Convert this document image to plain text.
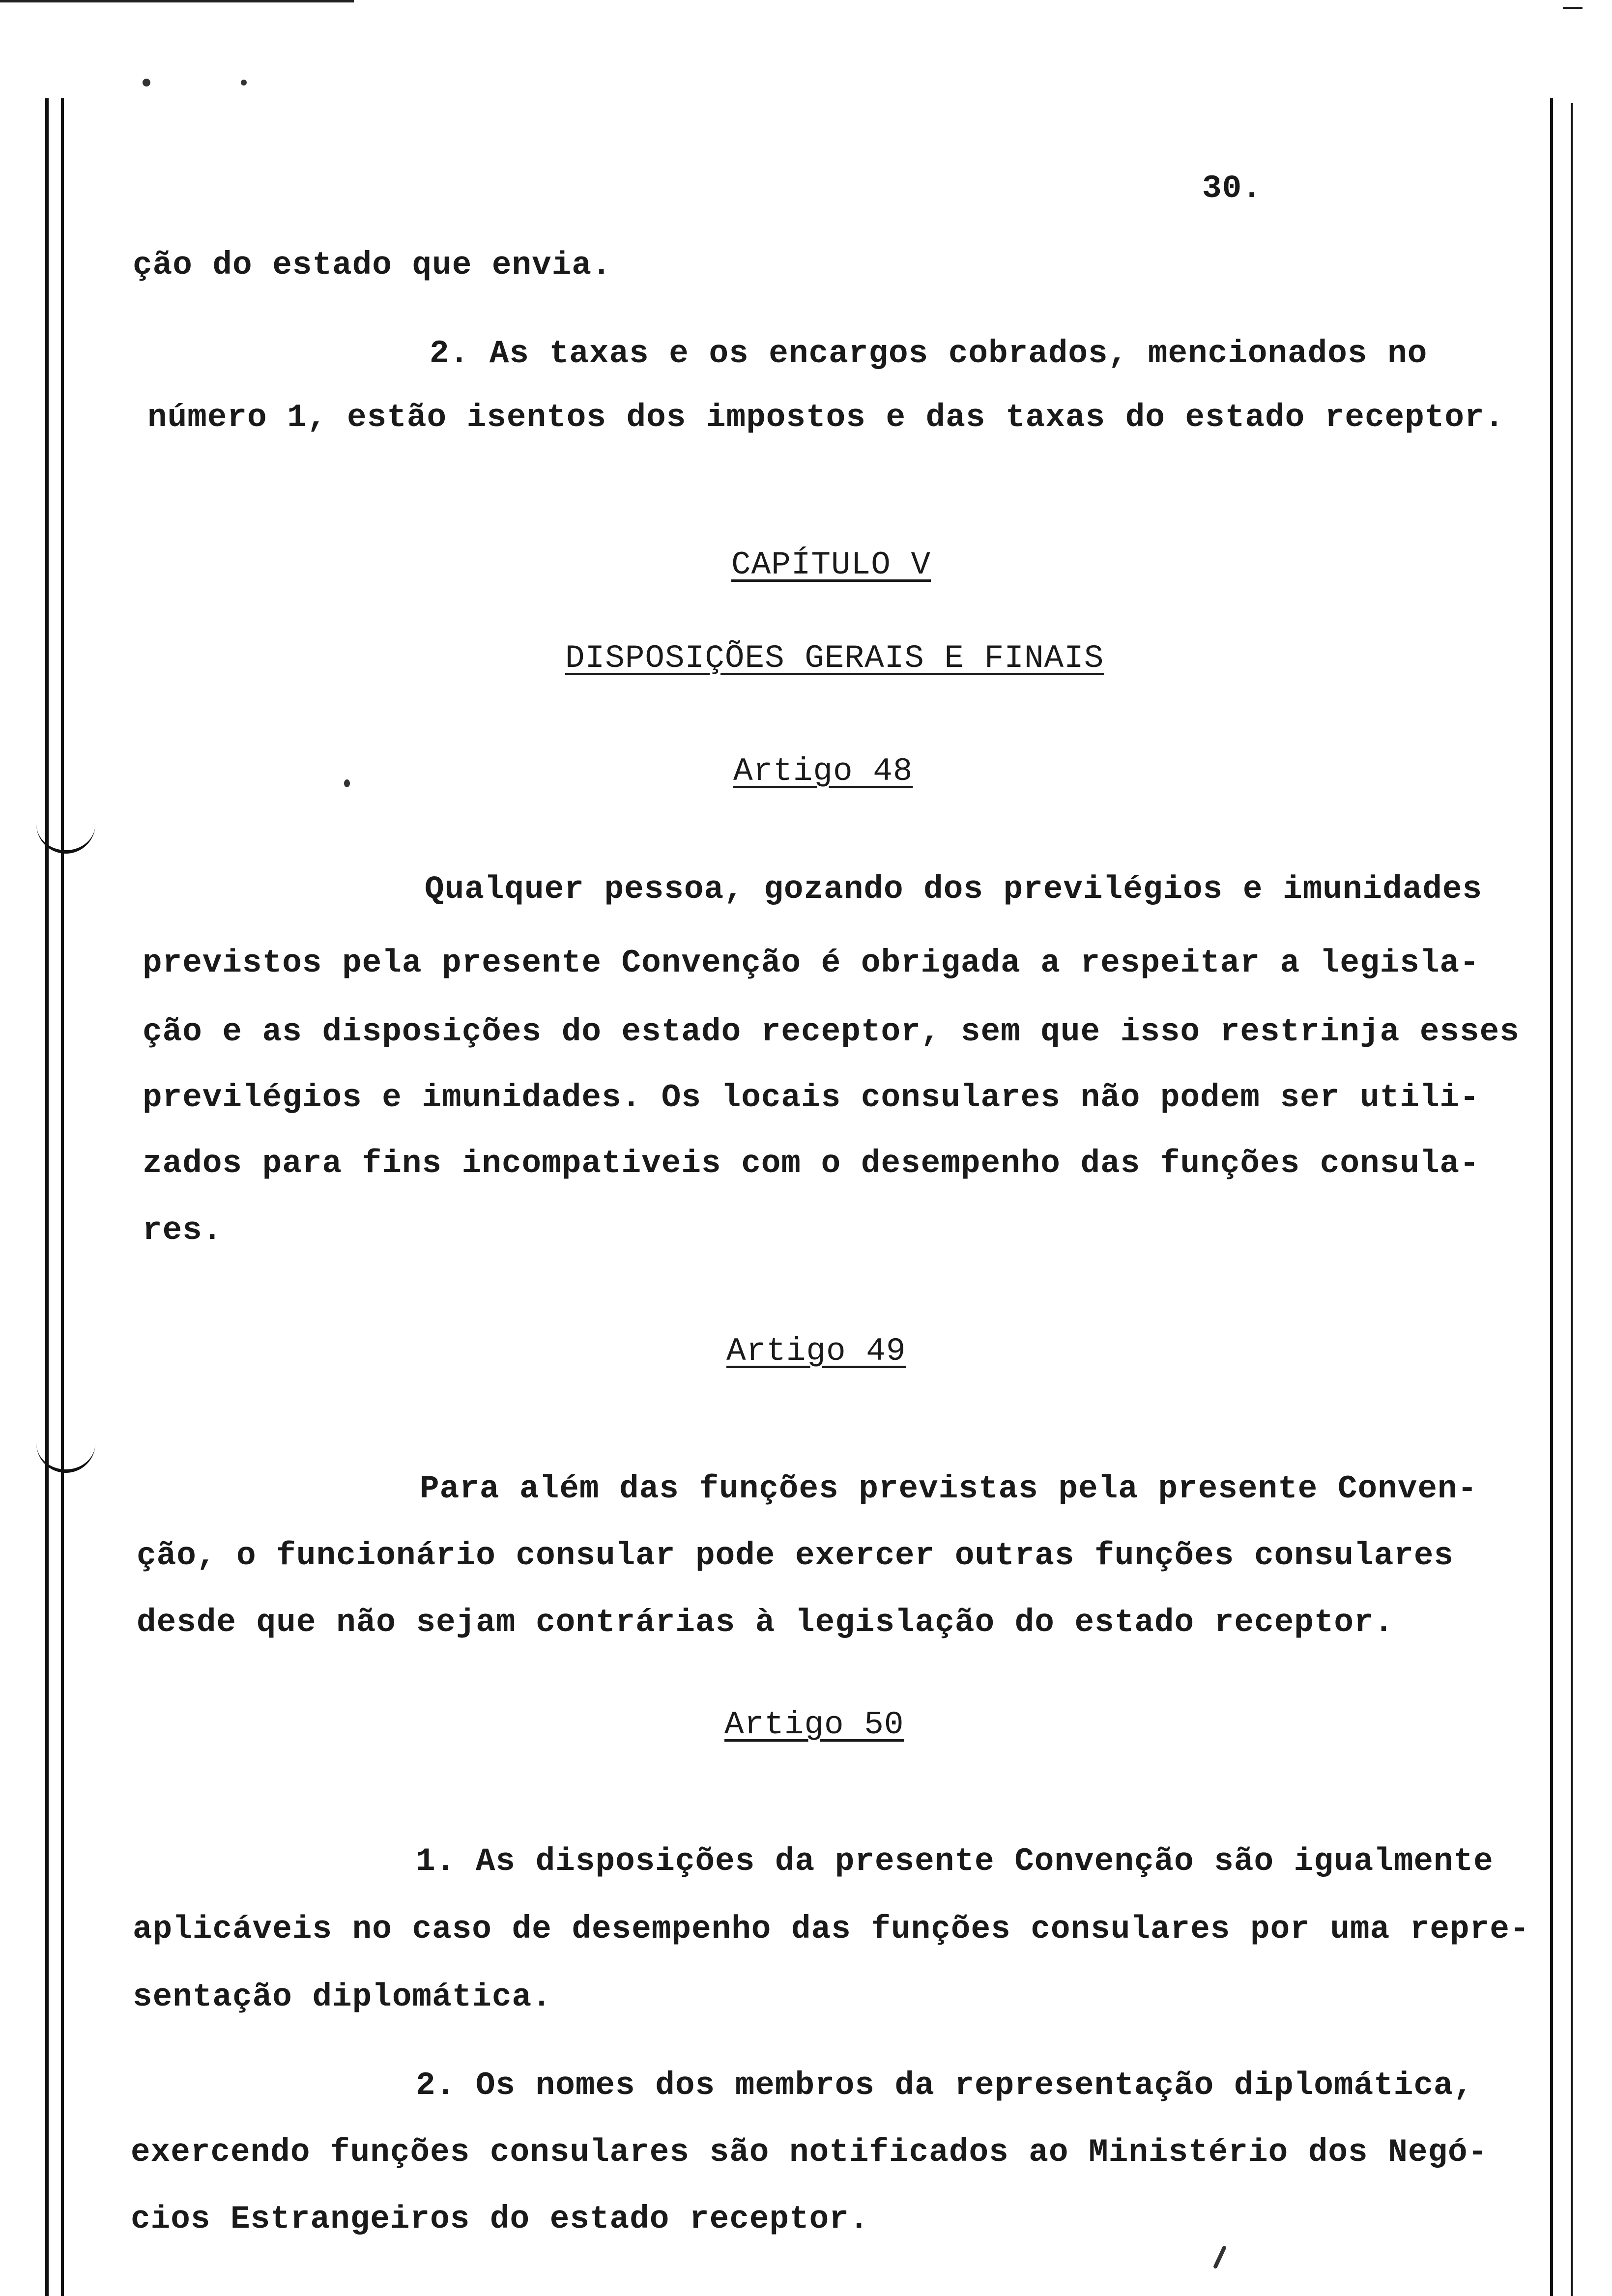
30.
ção do estado que envia.
2. As taxas e os encargos cobrados, mencionados no
número 1, estão isentos dos impostos e das taxas do estado receptor.
CAPÍTULO V
DISPOSIÇÕES GERAIS E FINAIS
Artigo 48
Qualquer pessoa, gozando dos previlégios e imunidades
previstos pela presente Convenção é obrigada a respeitar a legisla-
ção e as disposições do estado receptor, sem que isso restrinja esses
previlégios e imunidades. Os locais consulares não podem ser utili-
zados para fins incompativeis com o desempenho das funções consula-
res.
Artigo 49
Para além das funções previstas pela presente Conven-
ção, o funcionário consular pode exercer outras funções consulares
desde que não sejam contrárias à legislação do estado receptor.
Artigo 50
1. As disposições da presente Convenção são igualmente
aplicáveis no caso de desempenho das funções consulares por uma repre-
sentação diplomática.
2. Os nomes dos membros da representação diplomática,
exercendo funções consulares são notificados ao Ministério dos Negó-
cios Estrangeiros do estado receptor.
